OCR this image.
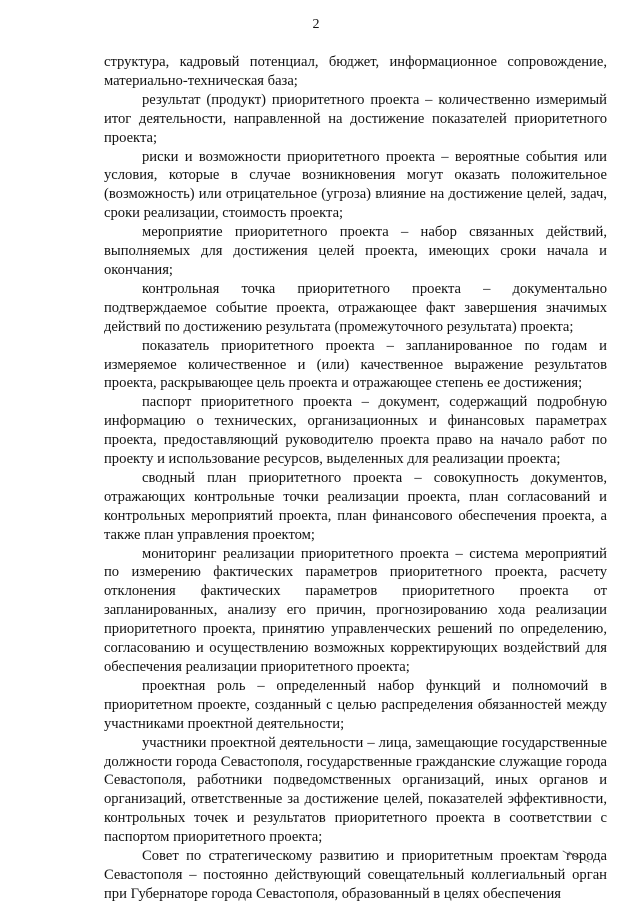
2

структура, кадровый потенциал, бюджет, информационное сопровождение, материально-техническая база;

результат (продукт) приоритетного проекта – количественно измеримый итог деятельности, направленной на достижение показателей приоритетного проекта;

риски и возможности приоритетного проекта – вероятные события или условия, которые в случае возникновения могут оказать положительное (возможность) или отрицательное (угроза) влияние на достижение целей, задач, сроки реализации, стоимость проекта;

мероприятие приоритетного проекта – набор связанных действий, выполняемых для достижения целей проекта, имеющих сроки начала и окончания;

контрольная точка приоритетного проекта – документально подтверждаемое событие проекта, отражающее факт завершения значимых действий по достижению результата (промежуточного результата) проекта;

показатель приоритетного проекта – запланированное по годам и измеряемое количественное и (или) качественное выражение результатов проекта, раскрывающее цель проекта и отражающее степень ее достижения;

паспорт приоритетного проекта – документ, содержащий подробную информацию о технических, организационных и финансовых параметрах проекта, предоставляющий руководителю проекта право на начало работ по проекту и использование ресурсов, выделенных для реализации проекта;

сводный план приоритетного проекта – совокупность документов, отражающих контрольные точки реализации проекта, план согласований и контрольных мероприятий проекта, план финансового обеспечения проекта, а также план управления проектом;

мониторинг реализации приоритетного проекта – система мероприятий по измерению фактических параметров приоритетного проекта, расчету отклонения фактических параметров приоритетного проекта от запланированных, анализу его причин, прогнозированию хода реализации приоритетного проекта, принятию управленческих решений по определению, согласованию и осуществлению возможных корректирующих воздействий для обеспечения реализации приоритетного проекта;

проектная роль – определенный набор функций и полномочий в приоритетном проекте, созданный с целью распределения обязанностей между участниками проектной деятельности;

участники проектной деятельности – лица, замещающие государственные должности города Севастополя, государственные гражданские служащие города Севастополя, работники подведомственных организаций, иных органов и организаций, ответственные за достижение целей, показателей эффективности, контрольных точек и результатов приоритетного проекта в соответствии с паспортом приоритетного проекта;

Совет по стратегическому развитию и приоритетным проектам города Севастополя – постоянно действующий совещательный коллегиальный орган при Губернаторе города Севастополя, образованный в целях обеспечения
